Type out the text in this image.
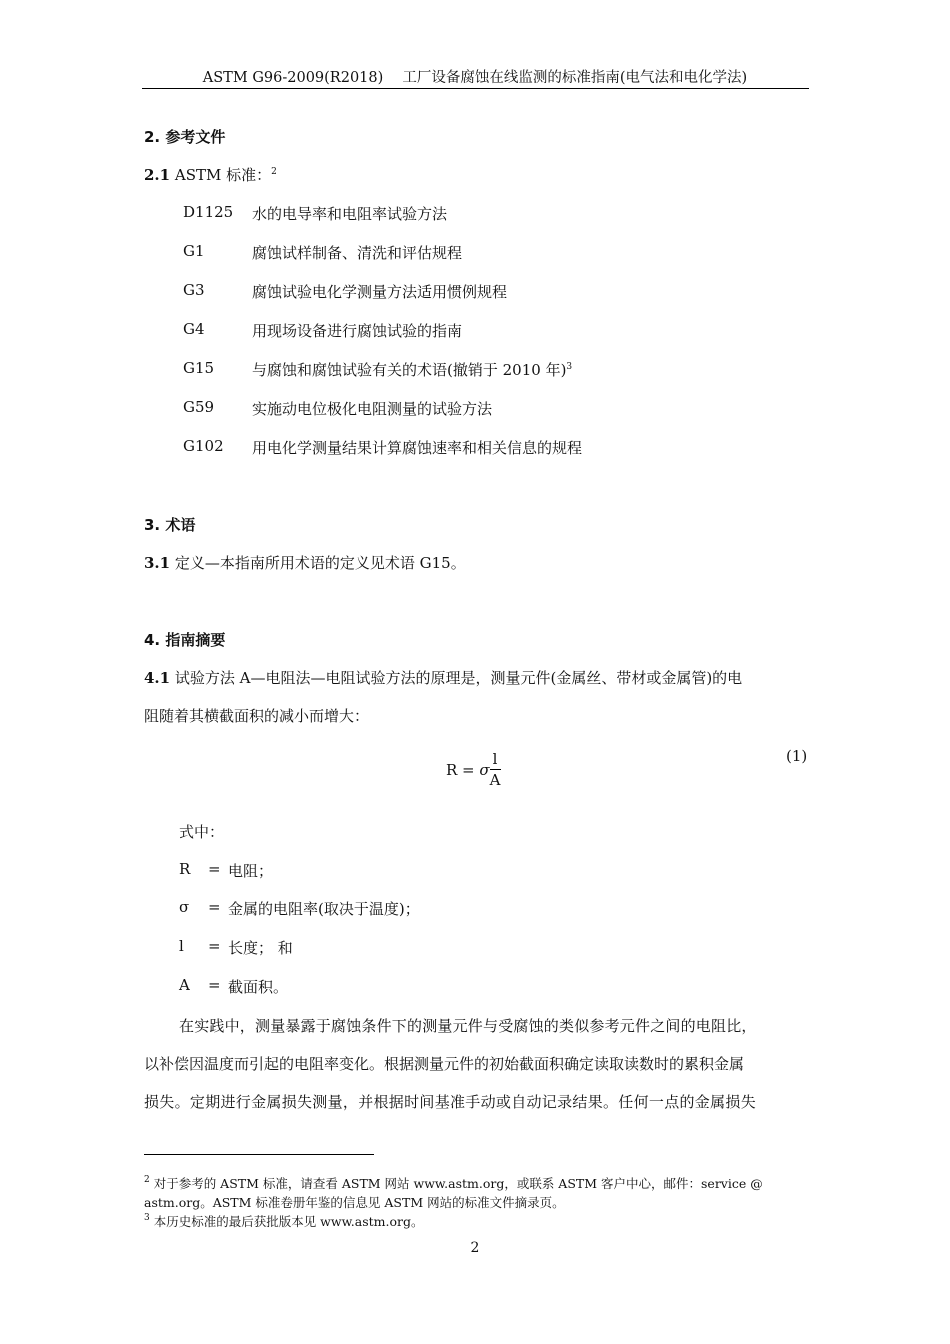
ASTM G96-2009(R2018)　 工厂设备腐蚀在线监测的标准指南(电气法和电化学法)
2. 参考文件
2.1 ASTM 标准：$^2$
D1125 水的电导率和电阻率试验方法
G1	腐蚀试样制备、清洗和评估规程
G3	腐蚀试验电化学测量方法适用惯例规程
G4	用现场设备进行腐蚀试验的指南
G15	与腐蚀和腐蚀试验有关的术语(撤销于 2010 年)$^3$
G59	实施动电位极化电阻测量的试验方法
G102 用电化学测量结果计算腐蚀速率和相关信息的规程
3. 术语
3.1 定义—本指南所用术语的定义见术语 G15。
4. 指南摘要
4.1 试验方法 A—电阻法—电阻试验方法的原理是，测量元件(金属丝、带材或金属管)的电
阻随着其横截面积的减小而增大：
R = σ $\frac{l}{A}$	(1)
式中：
R = 电阻；
σ = 金属的电阻率(取决于温度)；
l = 长度； 和
A = 截面积。
在实践中，测量暴露于腐蚀条件下的测量元件与受腐蚀的类似参考元件之间的电阻比，
以补偿因温度而引起的电阻率变化。根据测量元件的初始截面积确定读取读数时的累积金属
损失。定期进行金属损失测量，并根据时间基准手动或自动记录结果。任何一点的金属损失
$^2$ 对于参考的 ASTM 标准，请查看 ASTM 网站 www.astm.org，或联系 ASTM 客户中心，邮件：service @
astm.org。ASTM 标准卷册年鉴的信息见 ASTM 网站的标准文件摘录页。
$^3$ 本历史标准的最后获批版本见 www.astm.org。
2
